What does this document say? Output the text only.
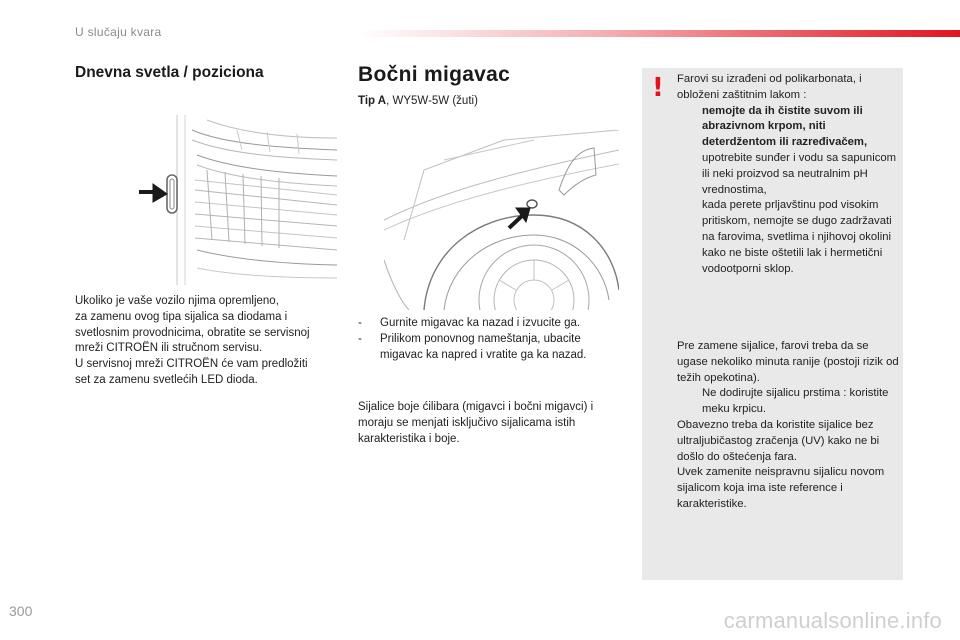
U slučaju kvara
Dnevna svetla / poziciona
Ukoliko je vaše vozilo njima opremljeno,
za zamenu ovog tipa sijalica sa diodama i
svetlosnim provodnicima, obratite se servisnoj
mreži CITROËN ili stručnom servisu.
U servisnoj mreži CITROËN će vam predložiti
set za zamenu svetlećih LED dioda.
Bočni migavac
Tip A, WY5W-5W (žuti)
- Gurnite migavac ka nazad i izvucite ga.
- Prilikom ponovnog nameštanja, ubacite migavac ka napred i vratite ga ka nazad.
Sijalice boje ćilibara (migavci i bočni migavci) i moraju se menjati isključivo sijalicama istih karakteristika i boje.
! Farovi su izrađeni od polikarbonata, i obloženi zaštitnim lakom :
nemojte da ih čistite suvom ili abrazivnom krpom, niti deterdžentom ili razređivačem,
upotrebite sunđer i vodu sa sapunicom ili neki proizvod sa neutralnim pH vrednostima,
kada perete prljavštinu pod visokim pritiskom, nemojte se dugo zadržavati na farovima, svetlima i njihovoj okolini kako ne biste oštetili lak i hermetični vodootporni sklop.
Pre zamene sijalice, farovi treba da se ugase nekoliko minuta ranije (postoji rizik od težih opekotina).
Ne dodirujte sijalicu prstima : koristite meku krpicu.
Obavezno treba da koristite sijalice bez ultraljubičastog zračenja (UV) kako ne bi došlo do oštećenja fara.
Uvek zamenite neispravnu sijalicu novom sijalicom koja ima iste reference i karakteristike.
300	carmanualsonline.info
